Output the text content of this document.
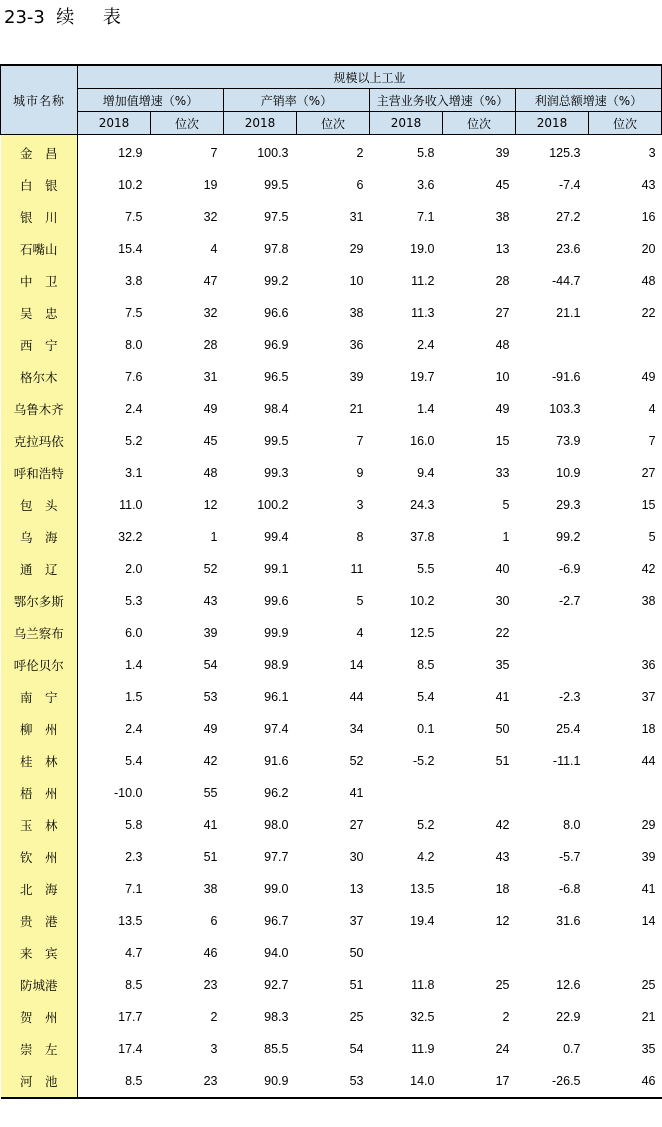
23-3  续     表
城市名称	规模以上工业							
	增加值增速（%）		产销率（%）		主营业务收入增速（%）		利润总额增速（%）	
	2018	位次	2018	位次	2018	位次	2018	位次
金　昌	12.9	7	100.3	2	5.8	39	125.3	3
白　银	10.2	19	99.5	6	3.6	45	-7.4	43
银　川	7.5	32	97.5	31	7.1	38	27.2	16
石嘴山	15.4	4	97.8	29	19.0	13	23.6	20
中　卫	3.8	47	99.2	10	11.2	28	-44.7	48
吴　忠	7.5	32	96.6	38	11.3	27	21.1	22
西　宁	8.0	28	96.9	36	2.4	48		
格尔木	7.6	31	96.5	39	19.7	10	-91.6	49
乌鲁木齐	2.4	49	98.4	21	1.4	49	103.3	4
克拉玛依	5.2	45	99.5	7	16.0	15	73.9	7
呼和浩特	3.1	48	99.3	9	9.4	33	10.9	27
包　头	11.0	12	100.2	3	24.3	5	29.3	15
乌　海	32.2	1	99.4	8	37.8	1	99.2	5
通　辽	2.0	52	99.1	11	5.5	40	-6.9	42
鄂尔多斯	5.3	43	99.6	5	10.2	30	-2.7	38
乌兰察布	6.0	39	99.9	4	12.5	22		
呼伦贝尔	1.4	54	98.9	14	8.5	35		36
南　宁	1.5	53	96.1	44	5.4	41	-2.3	37
柳　州	2.4	49	97.4	34	0.1	50	25.4	18
桂　林	5.4	42	91.6	52	-5.2	51	-11.1	44
梧　州	-10.0	55	96.2	41				
玉　林	5.8	41	98.0	27	5.2	42	8.0	29
钦　州	2.3	51	97.7	30	4.2	43	-5.7	39
北　海	7.1	38	99.0	13	13.5	18	-6.8	41
贵　港	13.5	6	96.7	37	19.4	12	31.6	14
来　宾	4.7	46	94.0	50				
防城港	8.5	23	92.7	51	11.8	25	12.6	25
贺　州	17.7	2	98.3	25	32.5	2	22.9	21
崇　左	17.4	3	85.5	54	11.9	24	0.7	35
河　池	8.5	23	90.9	53	14.0	17	-26.5	46
